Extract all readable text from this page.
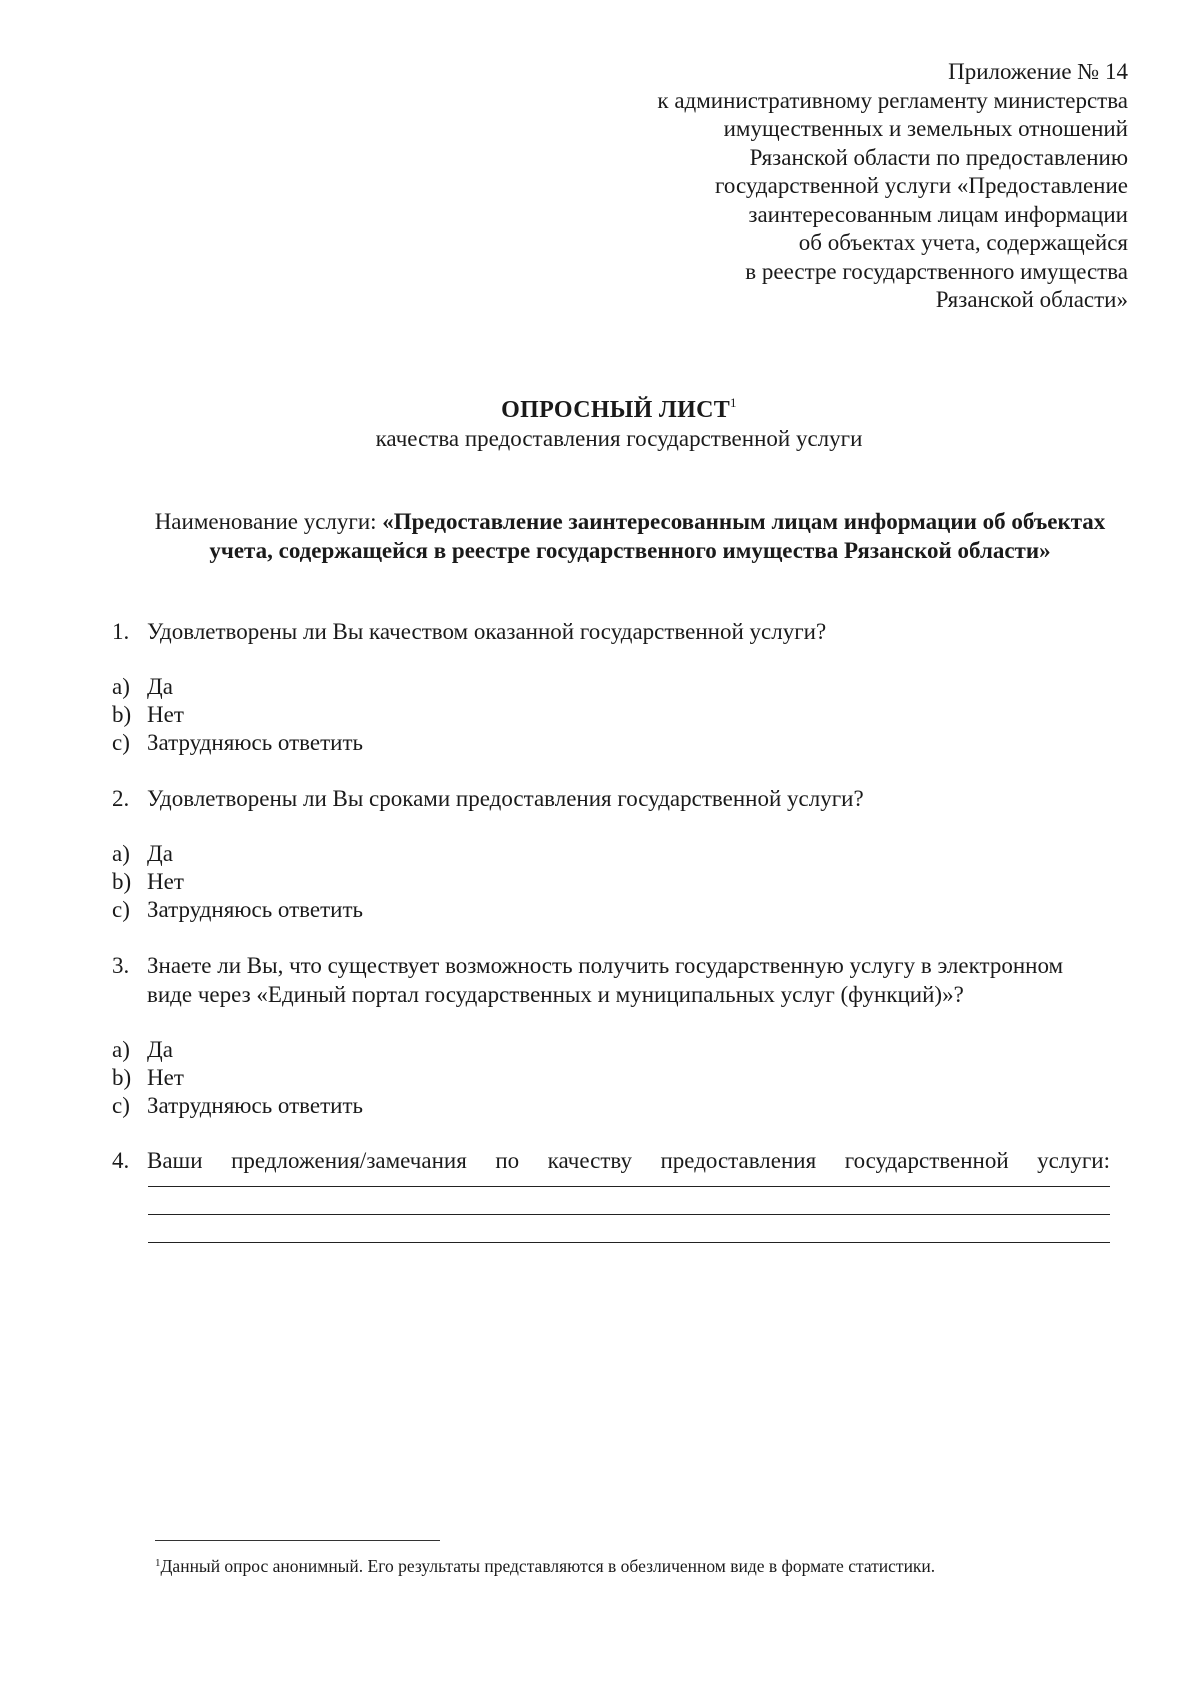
Приложение № 14
к административному регламенту министерства
имущественных и земельных отношений
Рязанской области по предоставлению
государственной услуги «Предоставление
заинтересованным лицам информации
об объектах учета, содержащейся
в реестре государственного имущества
Рязанской области»
ОПРОСНЫЙ ЛИСТ$^1$
качества предоставления государственной услуги
Наименование услуги: «Предоставление заинтересованным лицам информации об объектах учета, содержащейся в реестре государственного имущества Рязанской области»
1. Удовлетворены ли Вы качеством оказанной государственной услуги?
a) Да
b) Нет
c) Затрудняюсь ответить
2. Удовлетворены ли Вы сроками предоставления государственной услуги?
a) Да
b) Нет
c) Затрудняюсь ответить
3. Знаете ли Вы, что существует возможность получить государственную услугу в электронном виде через «Единый портал государственных и муниципальных услуг (функций)»?
a) Да
b) Нет
c) Затрудняюсь ответить
4. Ваши предложения/замечания по качеству предоставления государственной услуги:
$^1$Данный опрос анонимный. Его результаты представляются в обезличенном виде в формате статистики.
